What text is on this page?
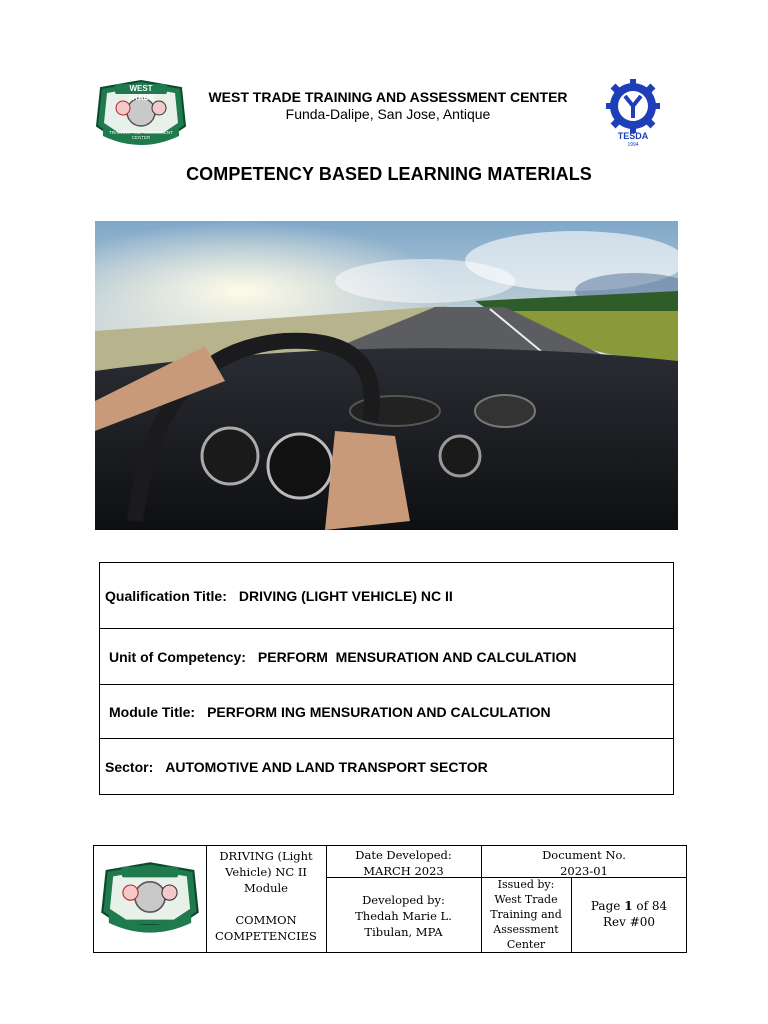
WEST TRADE
TRAINING AND ASSESSMENT CENTER
WEST TRADE TRAINING AND ASSESSMENT CENTER
Funda-Dalipe, San Jose, Antique
TESDA
1994
COMPETENCY BASED LEARNING MATERIALS
Qualification Title: DRIVING (LIGHT VEHICLE) NC II
Unit of Competency: PERFORM  MENSURATION AND CALCULATION
Module Title: PERFORM ING MENSURATION AND CALCULATION
Sector: AUTOMOTIVE AND LAND TRANSPORT SECTOR
DRIVING (Light
Vehicle) NC II
Module
COMMON
COMPETENCIES
Date Developed:
MARCH 2023
Developed by:
Thedah Marie L.
Tibulan, MPA
Document No.
2023-01
Issued by:
West Trade
Training and
Assessment
Center
Page 1 of 84
Rev #00
